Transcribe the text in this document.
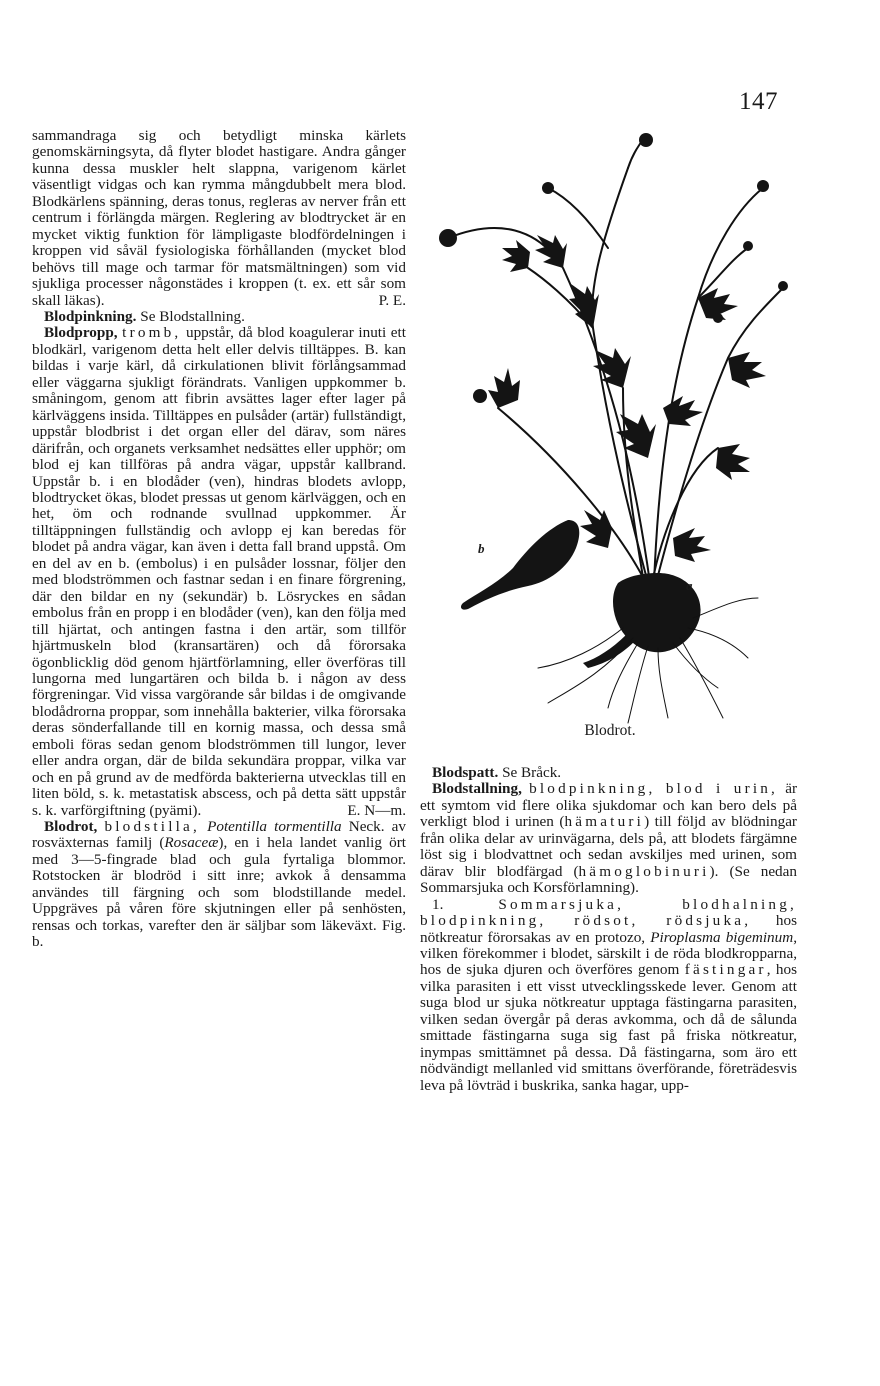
147

sammandraga sig och betydligt minska kärlets genomskärningsyta, då flyter blodet hastigare. Andra gånger kunna dessa muskler helt slappna, varigenom kärlet väsentligt vidgas och kan rymma mångdubbelt mera blod. Blodkärlens spänning, deras tonus, regleras av nerver från ett centrum i förlängda märgen. Reglering av blodtrycket är en mycket viktig funktion för lämpligaste blodfördelningen i kroppen vid såväl fysiologiska förhållanden (mycket blod behövs till mage och tarmar för matsmältningen) som vid sjukliga processer någonstädes i kroppen (t. ex. ett sår som skall läkas).	P. E.

Blodpinkning. Se Blodstallning.

Blodpropp, tromb, uppstår, då blod koagulerar inuti ett blodkärl, varigenom detta helt eller delvis tilltäppes. B. kan bildas i varje kärl, då cirkulationen blivit förlångsammad eller väggarna sjukligt förändrats. Vanligen uppkommer b. småningom, genom att fibrin avsättes lager efter lager på kärlväggens insida. Tilltäppes en pulsåder (artär) fullständigt, uppstår blodbrist i det organ eller del därav, som näres därifrån, och organets verksamhet nedsättes eller upphör; om blod ej kan tillföras på andra vägar, uppstår kallbrand. Uppstår b. i en blodåder (ven), hindras blodets avlopp, blodtrycket ökas, blodet pressas ut genom kärlväggen, och en het, öm och rodnande svullnad uppkommer. Är tilltäppningen fullständig och avlopp ej kan beredas för blodet på andra vägar, kan även i detta fall brand uppstå. Om en del av en b. (embolus) i en pulsåder lossnar, följer den med blodströmmen och fastnar sedan i en finare förgrening, där den bildar en ny (sekundär) b. Lösryckes en sådan embolus från en propp i en blodåder (ven), kan den följa med till hjärtat, och antingen fastna i den artär, som tillför hjärtmuskeln blod (kransartären) och då förorsaka ögonblicklig död genom hjärtförlamning, eller överföras till lungorna med lungartären och bilda b. i någon av dess förgreningar. Vid vissa vargörande sår bildas i de omgivande blodådrorna proppar, som innehålla bakterier, vilka förorsaka deras sönderfallande till en kornig massa, och dessa små emboli föras sedan genom blodströmmen till lungor, lever eller andra organ, där de bilda sekundära proppar, vilka var och en på grund av de medförda bakterierna utvecklas till en liten böld, s. k. metastatisk abscess, och på detta sätt uppstår s. k. varförgiftning (pyämi).	E. N—m.

Blodrot, blodstilla, Potentilla tormentilla Neck. av rosväxternas familj (Rosaceæ), en i hela landet vanlig ört med 3—5-fingrade blad och gula fyrtaliga blommor. Rotstocken är blodröd i sitt inre; avkok å densamma användes till färgning och som blodstillande medel. Uppgräves på våren före skjutningen eller på senhösten, rensas och torkas, varefter den är säljbar som läkeväxt. Fig. b.

b
a
Blodrot.

Blodspatt. Se Bråck.

Blodstallning, blodpinkning, blod i urin, är ett symtom vid flere olika sjukdomar och kan bero dels på verkligt blod i urinen (hämaturi) till följd av blödningar från olika delar av urinvägarna, dels på, att blodets färgämne löst sig i blodvattnet och sedan avskiljes med urinen, som därav blir blodfärgad (hämoglobinuri). (Se nedan Sommarsjuka och Korsförlamning).

1.	Sommarsjuka, blodhalning, blodpinkning, rödsot, rödsjuka, hos nötkreatur förorsakas av en protozo, Piroplasma bigeminum, vilken förekommer i blodet, särskilt i de röda blodkropparna, hos de sjuka djuren och överföres genom fästingar, hos vilka parasiten i ett visst utvecklingsskede lever. Genom att suga blod ur sjuka nötkreatur upptaga fästingarna parasiten, vilken sedan övergår på deras avkomma, och då de sålunda smittade fästingarna suga sig fast på friska nötkreatur, inympas smittämnet på dessa. Då fästingarna, som äro ett nödvändigt mellanled vid smittans överförande, företrädesvis leva på lövträd i buskrika, sanka hagar, upp-
